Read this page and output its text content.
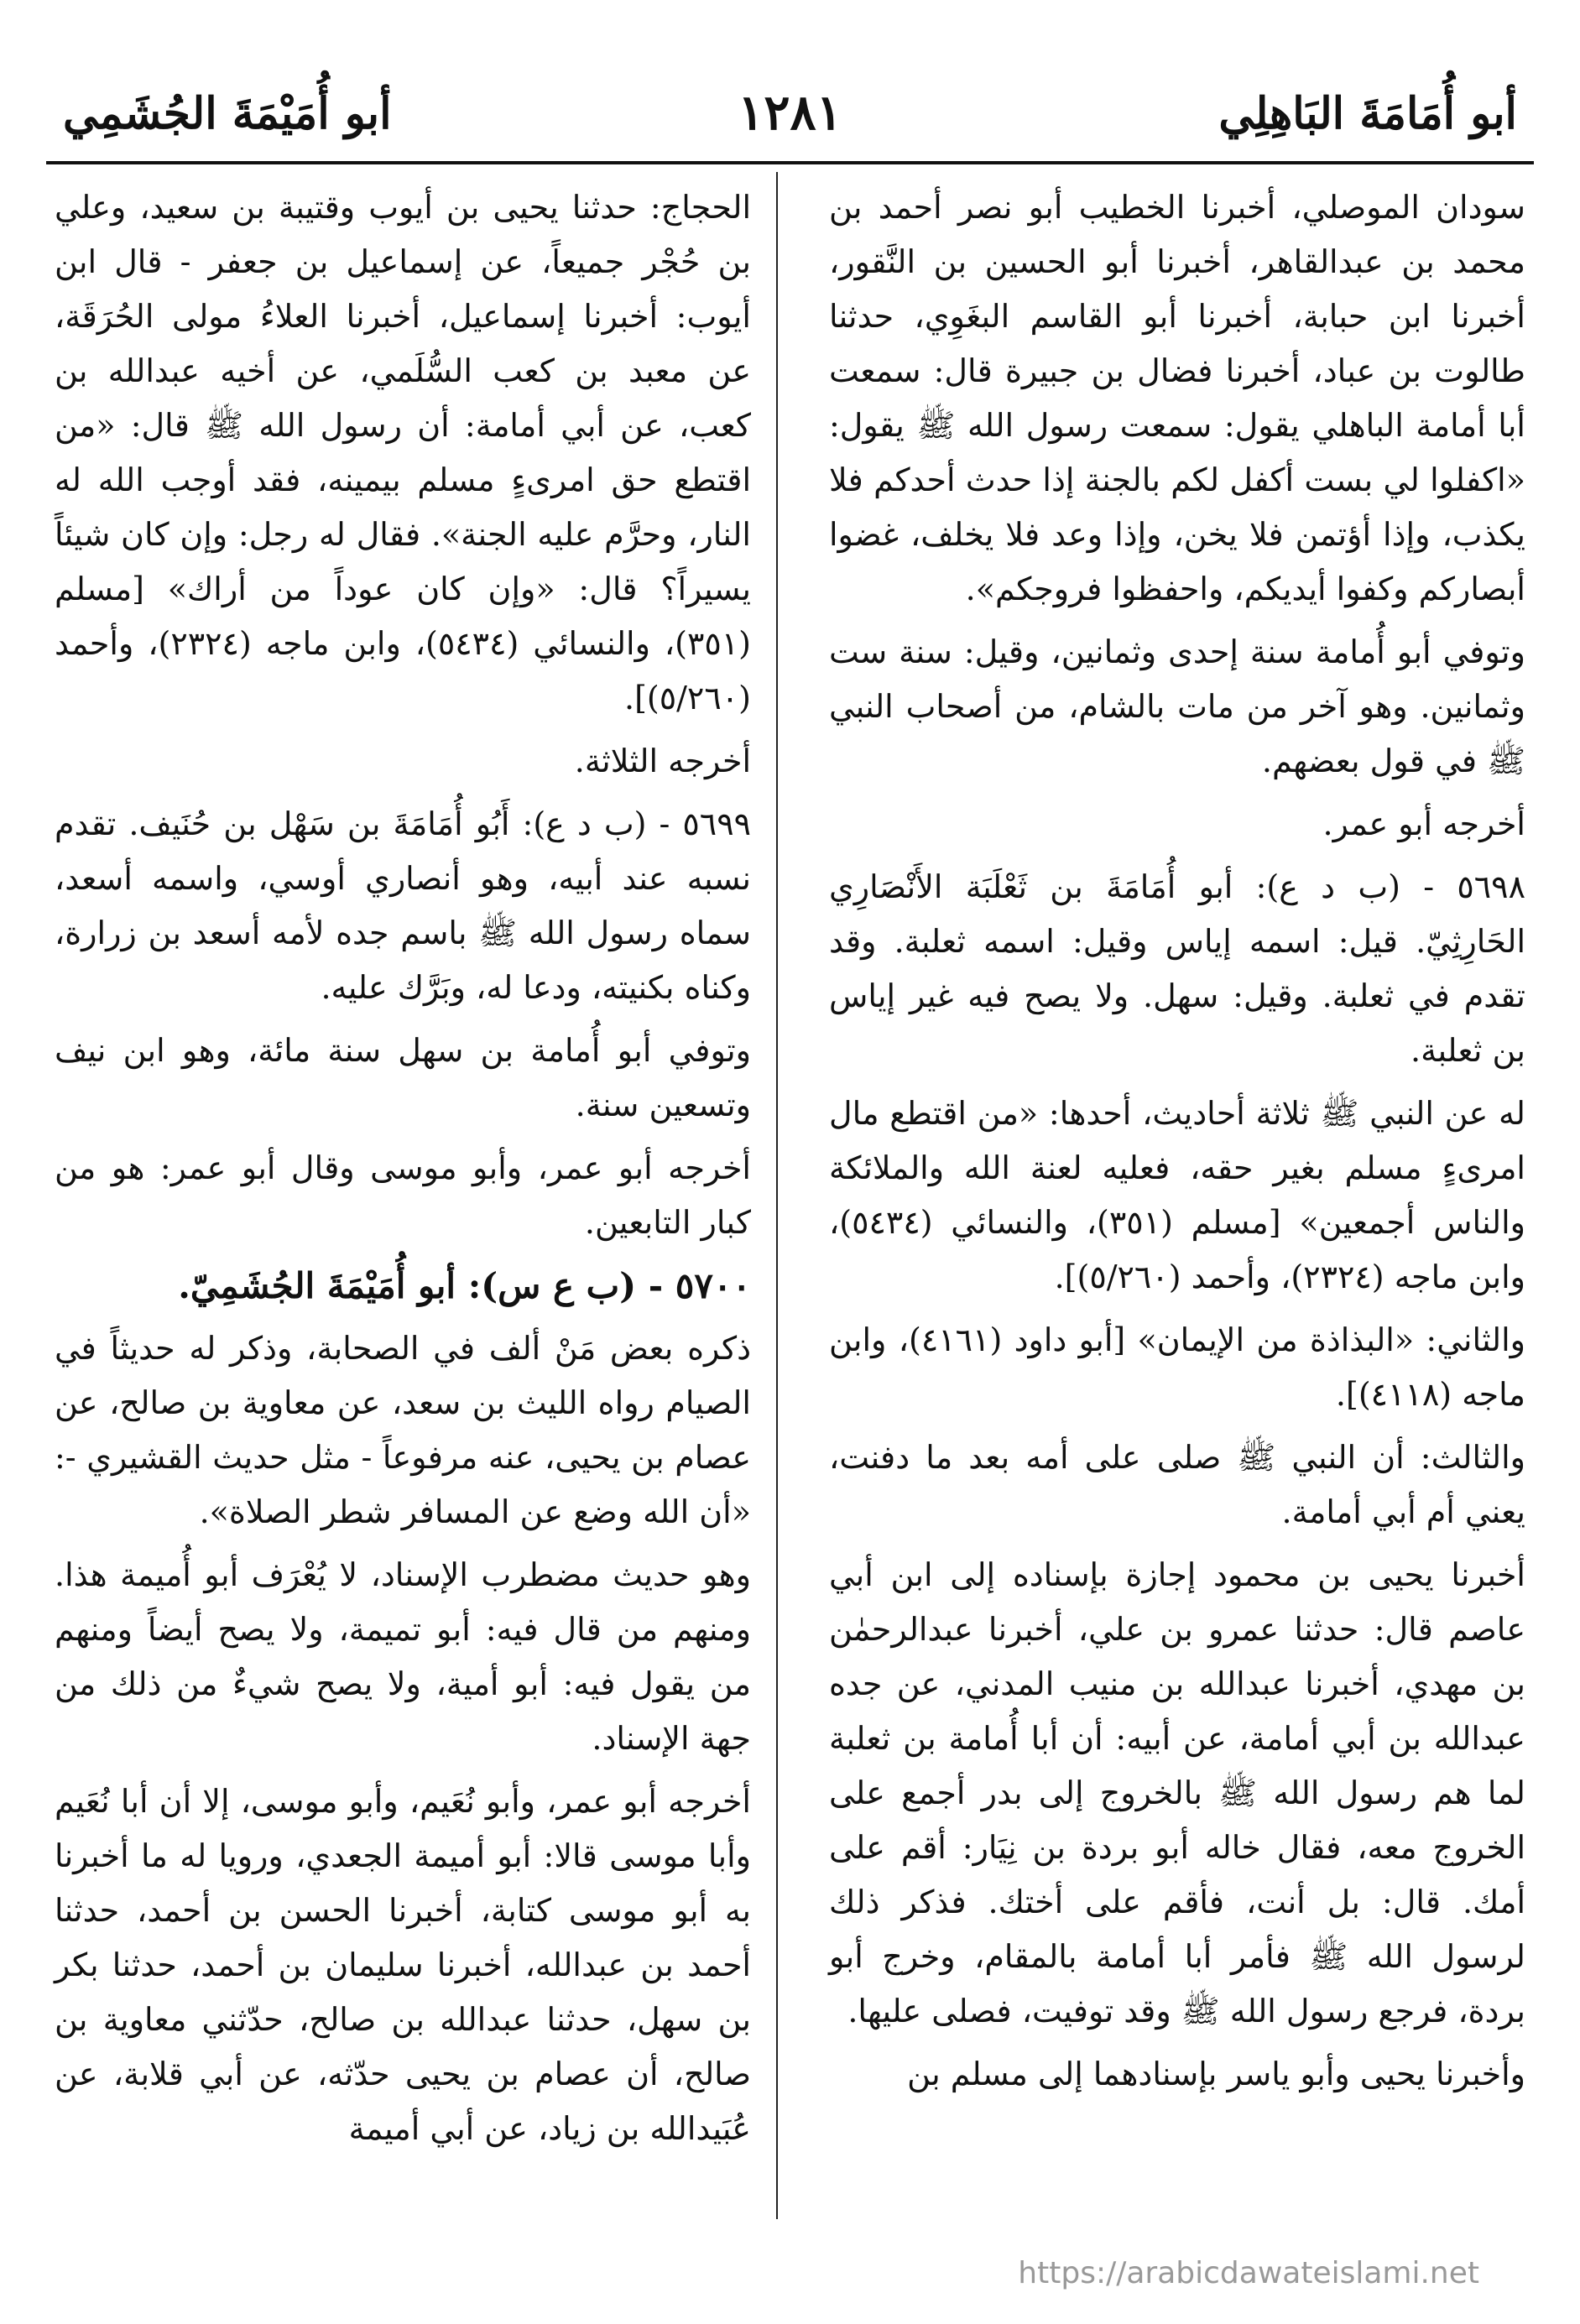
أبو أُمَامَةَ البَاهِلِي
١٢٨١
أبو أُمَيْمَةَ الجُشَمِي

سودان الموصلي، أخبرنا الخطيب أبو نصر أحمد بن محمد بن عبدالقاهر، أخبرنا أبو الحسين بن النَّقور، أخبرنا ابن حبابة، أخبرنا أبو القاسم البغَوِي، حدثنا طالوت بن عباد، أخبرنا فضال بن جبيرة قال: سمعت أبا أمامة الباهلي يقول: سمعت رسول الله ﷺ يقول: «اكفلوا لي بست أكفل لكم بالجنة إذا حدث أحدكم فلا يكذب، وإذا أؤتمن فلا يخن، وإذا وعد فلا يخلف، غضوا أبصاركم وكفوا أيديكم، واحفظوا فروجكم».

وتوفي أبو أُمامة سنة إحدى وثمانين، وقيل: سنة ست وثمانين. وهو آخر من مات بالشام، من أصحاب النبي ﷺ في قول بعضهم.

أخرجه أبو عمر.

٥٦٩٨ - (ب د ع): أبو أُمَامَةَ بن ثَعْلَبَة الأَنْصَارِي الحَارِثِيّ. قيل: اسمه إياس وقيل: اسمه ثعلبة. وقد تقدم في ثعلبة. وقيل: سهل. ولا يصح فيه غير إياس بن ثعلبة.

له عن النبي ﷺ ثلاثة أحاديث، أحدها: «من اقتطع مال امرىءٍ مسلم بغير حقه، فعليه لعنة الله والملائكة والناس أجمعين» [مسلم (٣٥١)، والنسائي (٥٤٣٤)، وابن ماجه (٢٣٢٤)، وأحمد (٥/٢٦٠)].

والثاني: «البذاذة من الإيمان» [أبو داود (٤١٦١)، وابن ماجه (٤١١٨)].

والثالث: أن النبي ﷺ صلى على أمه بعد ما دفنت، يعني أم أبي أمامة.

أخبرنا يحيى بن محمود إجازة بإسناده إلى ابن أبي عاصم قال: حدثنا عمرو بن علي، أخبرنا عبدالرحمٰن بن مهدي، أخبرنا عبدالله بن منيب المدني، عن جده عبدالله بن أبي أمامة، عن أبيه: أن أبا أُمامة بن ثعلبة لما هم رسول الله ﷺ بالخروج إلى بدر أجمع على الخروج معه، فقال خاله أبو بردة بن نِيَار: أقم على أمك. قال: بل أنت، فأقم على أختك. فذكر ذلك لرسول الله ﷺ فأمر أبا أمامة بالمقام، وخرج أبو بردة، فرجع رسول الله ﷺ وقد توفيت، فصلى عليها.

وأخبرنا يحيى وأبو ياسر بإسنادهما إلى مسلم بن

الحجاج: حدثنا يحيى بن أيوب وقتيبة بن سعيد، وعلي بن حُجْر جميعاً، عن إسماعيل بن جعفر - قال ابن أيوب: أخبرنا إسماعيل، أخبرنا العلاءُ مولى الحُرَقَة، عن معبد بن كعب السُّلَمي، عن أخيه عبدالله بن كعب، عن أبي أمامة: أن رسول الله ﷺ قال: «من اقتطع حق امرىءٍ مسلم بيمينه، فقد أوجب الله له النار، وحرَّم عليه الجنة». فقال له رجل: وإن كان شيئاً يسيراً؟ قال: «وإن كان عوداً من أراك» [مسلم (٣٥١)، والنسائي (٥٤٣٤)، وابن ماجه (٢٣٢٤)، وأحمد (٥/٢٦٠)].

أخرجه الثلاثة.

٥٦٩٩ - (ب د ع): أَبُو أُمَامَةَ بن سَهْل بن حُنَيف. تقدم نسبه عند أبيه، وهو أنصاري أوسي، واسمه أسعد، سماه رسول الله ﷺ باسم جده لأمه أسعد بن زرارة، وكناه بكنيته، ودعا له، وبَرَّك عليه.

وتوفي أبو أُمامة بن سهل سنة مائة، وهو ابن نيف وتسعين سنة.

أخرجه أبو عمر، وأبو موسى وقال أبو عمر: هو من كبار التابعين.

٥٧٠٠ - (ب ع س): أبو أُمَيْمَةَ الجُشَمِيّ.

ذكره بعض مَنْ ألف في الصحابة، وذكر له حديثاً في الصيام رواه الليث بن سعد، عن معاوية بن صالح، عن عصام بن يحيى، عنه مرفوعاً - مثل حديث القشيري -: «أن الله وضع عن المسافر شطر الصلاة».

وهو حديث مضطرب الإسناد، لا يُعْرَف أبو أُميمة هذا. ومنهم من قال فيه: أبو تميمة، ولا يصح أيضاً ومنهم من يقول فيه: أبو أمية، ولا يصح شيءٌ من ذلك من جهة الإسناد.

أخرجه أبو عمر، وأبو نُعَيم، وأبو موسى، إلا أن أبا نُعَيم وأبا موسى قالا: أبو أميمة الجعدي، ورويا له ما أخبرنا به أبو موسى كتابة، أخبرنا الحسن بن أحمد، حدثنا أحمد بن عبدالله، أخبرنا سليمان بن أحمد، حدثنا بكر بن سهل، حدثنا عبدالله بن صالح، حدّثني معاوية بن صالح، أن عصام بن يحيى حدّثه، عن أبي قلابة، عن عُبَيدالله بن زياد، عن أبي أميمة

https://arabicdawateislami.net
